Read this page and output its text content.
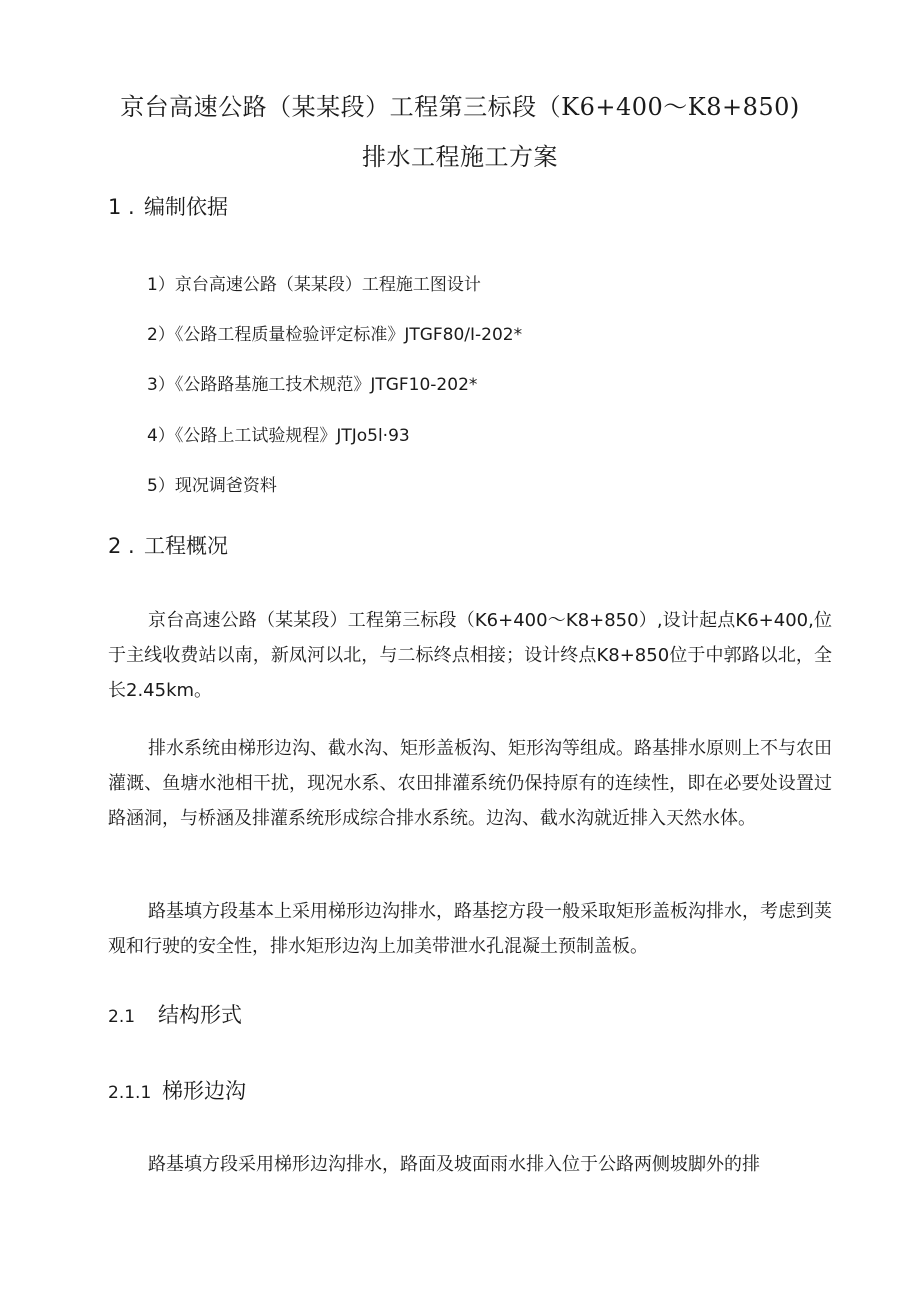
京台高速公路（某某段）工程第三标段（K6+400〜K8+850)
排水工程施工方案
1 . 编制依据
1）京台高速公路（某某段）工程施工图设计
2）《公路工程质量检验评定标准》JTGF80/I-202*
3）《公路路基施工技术规范》JTGF10-202*
4）《公路上工试验规程》JTJo5l·93
5）现况调爸资料
2 . 工程概况
京台高速公路（某某段）工程第三标段（K6+400〜K8+850）,设计起点K6+400,位于主线收费站以南，新凤河以北，与二标终点相接；设计终点K8+850位于中郭路以北，全长2.45km。
排水系统由梯形边沟、截水沟、矩形盖板沟、矩形沟等组成。路基排水原则上不与农田灌溉、鱼塘水池相干扰，现况水系、农田排灌系统仍保持原有的连续性，即在必要处设置过路涵洞，与桥涵及排灌系统形成综合排水系统。边沟、截水沟就近排入天然水体。
路基填方段基本上采用梯形边沟排水，路基挖方段一般采取矩形盖板沟排水，考虑到荚观和行驶的安全性，排水矩形边沟上加美带泄水孔混凝土预制盖板。
2.1 结构形式
2.1.1 梯形边沟
路基填方段采用梯形边沟排水，路面及坡面雨水排入位于公路两侧坡脚外的排
